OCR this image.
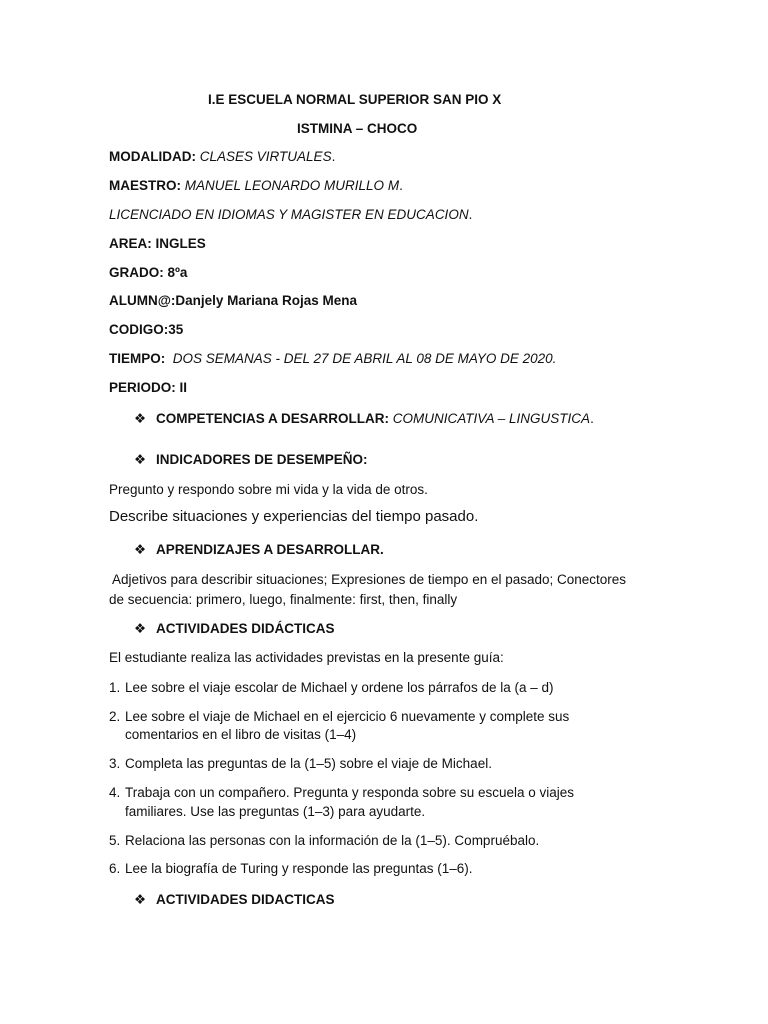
I.E ESCUELA NORMAL SUPERIOR SAN PIO X
ISTMINA – CHOCO
MODALIDAD: CLASES VIRTUALES.
MAESTRO: MANUEL LEONARDO MURILLO M.
LICENCIADO EN IDIOMAS Y MAGISTER EN EDUCACION.
AREA: INGLES
GRADO: 8ºa
ALUMN@:Danjely Mariana Rojas Mena
CODIGO:35
TIEMPO: DOS SEMANAS - DEL 27 DE ABRIL AL 08 DE MAYO DE 2020.
PERIODO: II
❖ COMPETENCIAS A DESARROLLAR: COMUNICATIVA – LINGUSTICA.
❖ INDICADORES DE DESEMPEÑO:
Pregunto y respondo sobre mi vida y la vida de otros.
Describe situaciones y experiencias del tiempo pasado.
❖ APRENDIZAJES A DESARROLLAR.
Adjetivos para describir situaciones; Expresiones de tiempo en el pasado; Conectores
de secuencia: primero, luego, finalmente: first, then, finally
❖ ACTIVIDADES DIDÁCTICAS
El estudiante realiza las actividades previstas en la presente guía:
1. Lee sobre el viaje escolar de Michael y ordene los párrafos de la (a – d)
2. Lee sobre el viaje de Michael en el ejercicio 6 nuevamente y complete sus
comentarios en el libro de visitas (1–4)
3. Completa las preguntas de la (1–5) sobre el viaje de Michael.
4. Trabaja con un compañero. Pregunta y responda sobre su escuela o viajes
familiares. Use las preguntas (1–3) para ayudarte.
5. Relaciona las personas con la información de la (1–5). Compruébalo.
6. Lee la biografía de Turing y responde las preguntas (1–6).
❖ ACTIVIDADES DIDACTICAS
